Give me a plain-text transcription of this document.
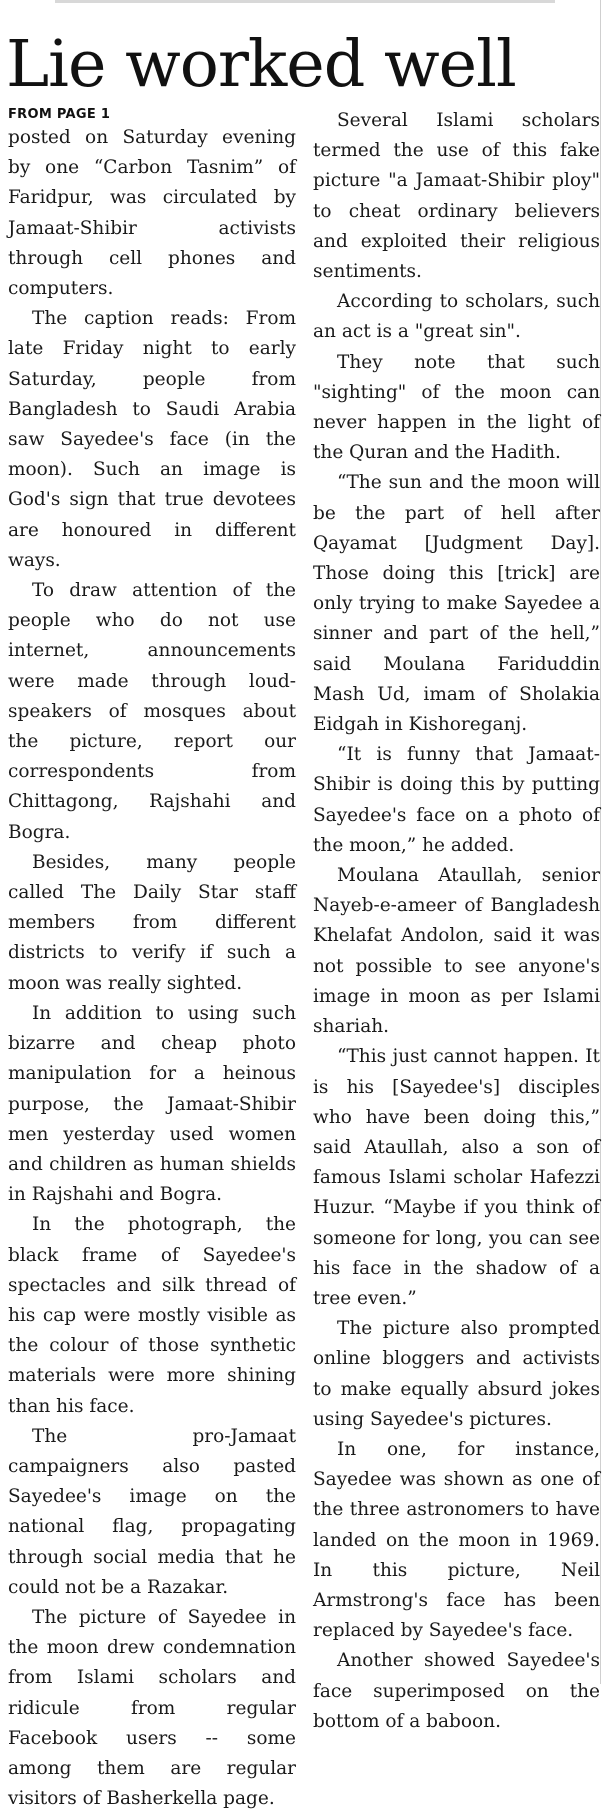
Lie worked well

FROM PAGE 1

posted on Saturday evening by one “Carbon Tasnim” of Faridpur, was circulated by Jamaat-Shibir activists through cell phones and computers.

The caption reads: From late Friday night to early Saturday, people from Bangladesh to Saudi Arabia saw Sayedee's face (in the moon). Such an image is God's sign that true devotees are honoured in different ways.

To draw attention of the people who do not use internet, announcements were made through loud-speakers of mosques about the picture, report our correspondents from Chittagong, Rajshahi and Bogra.

Besides, many people called The Daily Star staff members from different districts to verify if such a moon was really sighted.

In addition to using such bizarre and cheap photo manipulation for a heinous purpose, the Jamaat-Shibir men yesterday used women and children as human shields in Rajshahi and Bogra.

In the photograph, the black frame of Sayedee's spectacles and silk thread of his cap were mostly visible as the colour of those synthetic materials were more shining than his face.

The pro-Jamaat campaigners also pasted Sayedee's image on the national flag, propagating through social media that he could not be a Razakar.

The picture of Sayedee in the moon drew condemnation from Islami scholars and ridicule from regular Facebook users -- some among them are regular visitors of Basherkella page.

Several Islami scholars termed the use of this fake picture "a Jamaat-Shibir ploy" to cheat ordinary believers and exploited their religious sentiments.

According to scholars, such an act is a "great sin".

They note that such "sighting" of the moon can never happen in the light of the Quran and the Hadith.

“The sun and the moon will be the part of hell after Qayamat [Judgment Day]. Those doing this [trick] are only trying to make Sayedee a sinner and part of the hell,” said Moulana Fariduddin Mash Ud, imam of Sholakia Eidgah in Kishoreganj.

“It is funny that Jamaat-Shibir is doing this by putting Sayedee's face on a photo of the moon,” he added.

Moulana Ataullah, senior Nayeb-e-ameer of Bangladesh Khelafat Andolon, said it was not possible to see anyone's image in moon as per Islami shariah.

“This just cannot happen. It is his [Sayedee's] disciples who have been doing this,” said Ataullah, also a son of famous Islami scholar Hafezzi Huzur. “Maybe if you think of someone for long, you can see his face in the shadow of a tree even.”

The picture also prompted online bloggers and activists to make equally absurd jokes using Sayedee's pictures.

In one, for instance, Sayedee was shown as one of the three astronomers to have landed on the moon in 1969. In this picture, Neil Armstrong's face has been replaced by Sayedee's face.

Another showed Sayedee's face superimposed on the bottom of a baboon.
